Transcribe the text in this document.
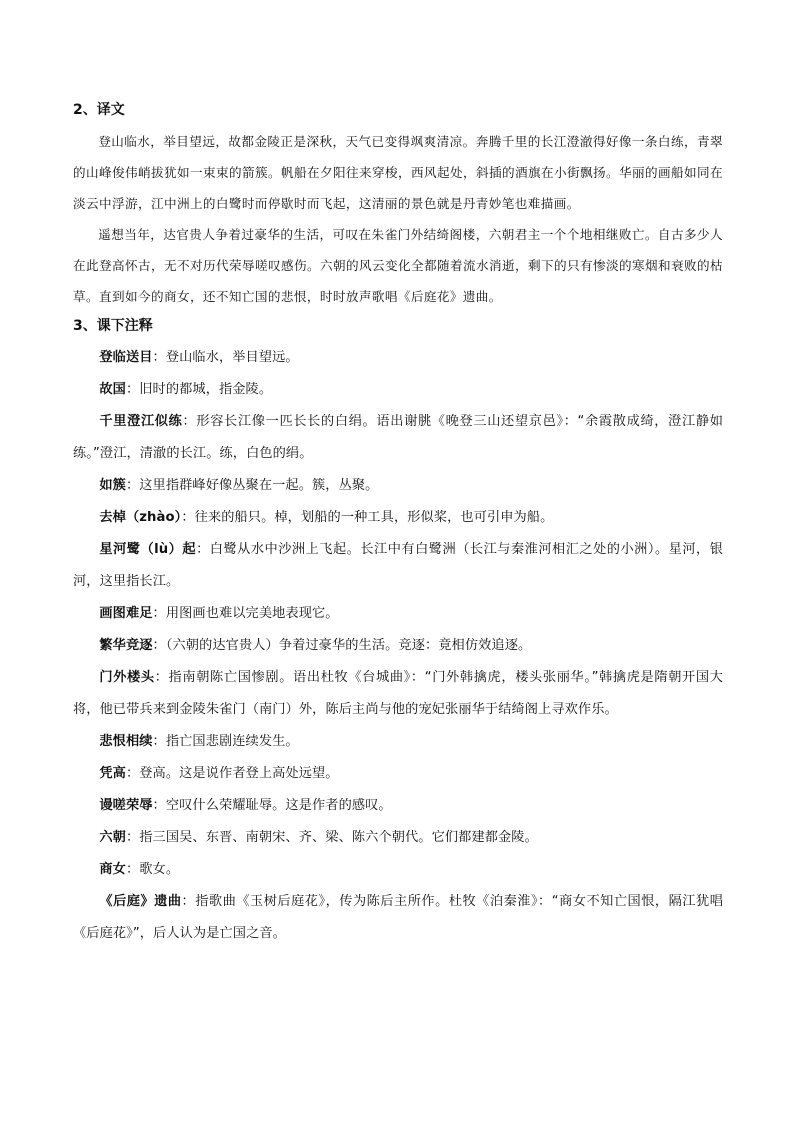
2、译文

登山临水，举目望远，故都金陵正是深秋，天气已变得飒爽清凉。奔腾千里的长江澄澈得好像一条白练，青翠的山峰俊伟峭拔犹如一束束的箭簇。帆船在夕阳往来穿梭，西风起处，斜插的酒旗在小街飘扬。华丽的画船如同在淡云中浮游，江中洲上的白鹭时而停歇时而飞起，这清丽的景色就是丹青妙笔也难描画。

遥想当年，达官贵人争着过豪华的生活，可叹在朱雀门外结绮阁楼，六朝君主一个个地相继败亡。自古多少人在此登高怀古，无不对历代荣辱嗟叹感伤。六朝的风云变化全都随着流水消逝，剩下的只有惨淡的寒烟和衰败的枯草。直到如今的商女，还不知亡国的悲恨，时时放声歌唱《后庭花》遗曲。

3、课下注释

登临送目：登山临水，举目望远。

故国：旧时的都城，指金陵。

千里澄江似练：形容长江像一匹长长的白绢。语出谢朓《晚登三山还望京邑》：“余霞散成绮，澄江静如练。”澄江，清澈的长江。练，白色的绢。

如簇：这里指群峰好像丛聚在一起。簇，丛聚。

去棹（zhào）：往来的船只。棹，划船的一种工具，形似桨，也可引申为船。

星河鹭（lù）起：白鹭从水中沙洲上飞起。长江中有白鹭洲（长江与秦淮河相汇之处的小洲）。星河，银河，这里指长江。

画图难足：用图画也难以完美地表现它。

繁华竞逐：（六朝的达官贵人）争着过豪华的生活。竞逐：竟相仿效追逐。

门外楼头：指南朝陈亡国惨剧。语出杜牧《台城曲》：“门外韩擒虎，楼头张丽华。”韩擒虎是隋朝开国大将，他已带兵来到金陵朱雀门（南门）外，陈后主尚与他的宠妃张丽华于结绮阁上寻欢作乐。

悲恨相续：指亡国悲剧连续发生。

凭高：登高。这是说作者登上高处远望。

谩嗟荣辱：空叹什么荣耀耻辱。这是作者的感叹。

六朝：指三国吴、东晋、南朝宋、齐、梁、陈六个朝代。它们都建都金陵。

商女：歌女。

《后庭》遗曲：指歌曲《玉树后庭花》，传为陈后主所作。杜牧《泊秦淮》：“商女不知亡国恨，隔江犹唱《后庭花》”，后人认为是亡国之音。
